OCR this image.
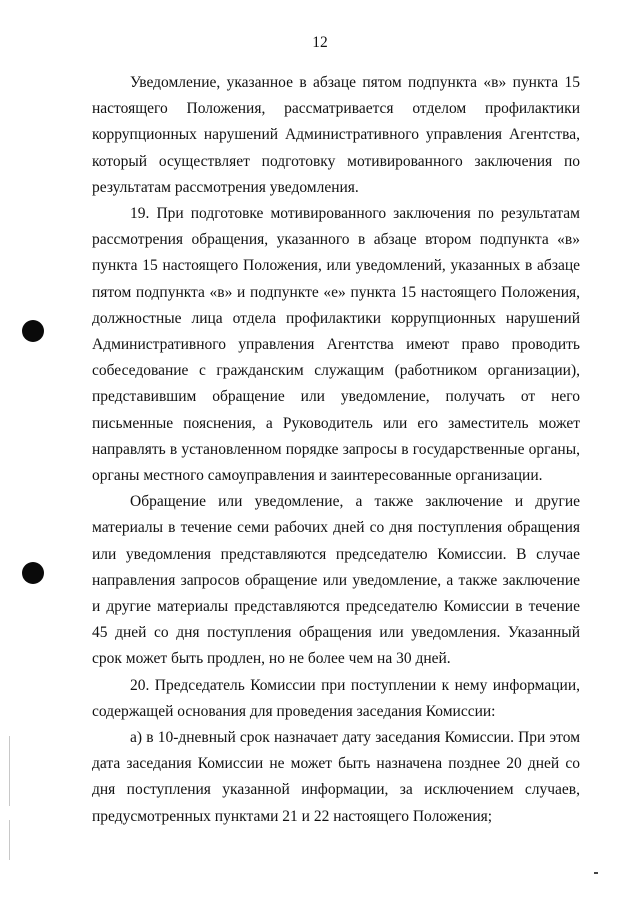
12

Уведомление, указанное в абзаце пятом подпункта «в» пункта 15 настоящего Положения, рассматривается отделом профилактики коррупционных нарушений Административного управления Агентства, который осуществляет подготовку мотивированного заключения по результатам рассмотрения уведомления.

19. При подготовке мотивированного заключения по результатам рассмотрения обращения, указанного в абзаце втором подпункта «в» пункта 15 настоящего Положения, или уведомлений, указанных в абзаце пятом подпункта «в» и подпункте «е» пункта 15 настоящего Положения, должностные лица отдела профилактики коррупционных нарушений Административного управления Агентства имеют право проводить собеседование с гражданским служащим (работником организации), представившим обращение или уведомление, получать от него письменные пояснения, а Руководитель или его заместитель может направлять в установленном порядке запросы в государственные органы, органы местного самоуправления и заинтересованные организации.

Обращение или уведомление, а также заключение и другие материалы в течение семи рабочих дней со дня поступления обращения или уведомления представляются председателю Комиссии. В случае направления запросов обращение или уведомление, а также заключение и другие материалы представляются председателю Комиссии в течение 45 дней со дня поступления обращения или уведомления. Указанный срок может быть продлен, но не более чем на 30 дней.

20. Председатель Комиссии при поступлении к нему информации, содержащей основания для проведения заседания Комиссии:

а) в 10-дневный срок назначает дату заседания Комиссии. При этом дата заседания Комиссии не может быть назначена позднее 20 дней со дня поступления указанной информации, за исключением случаев, предусмотренных пунктами 21 и 22 настоящего Положения;
